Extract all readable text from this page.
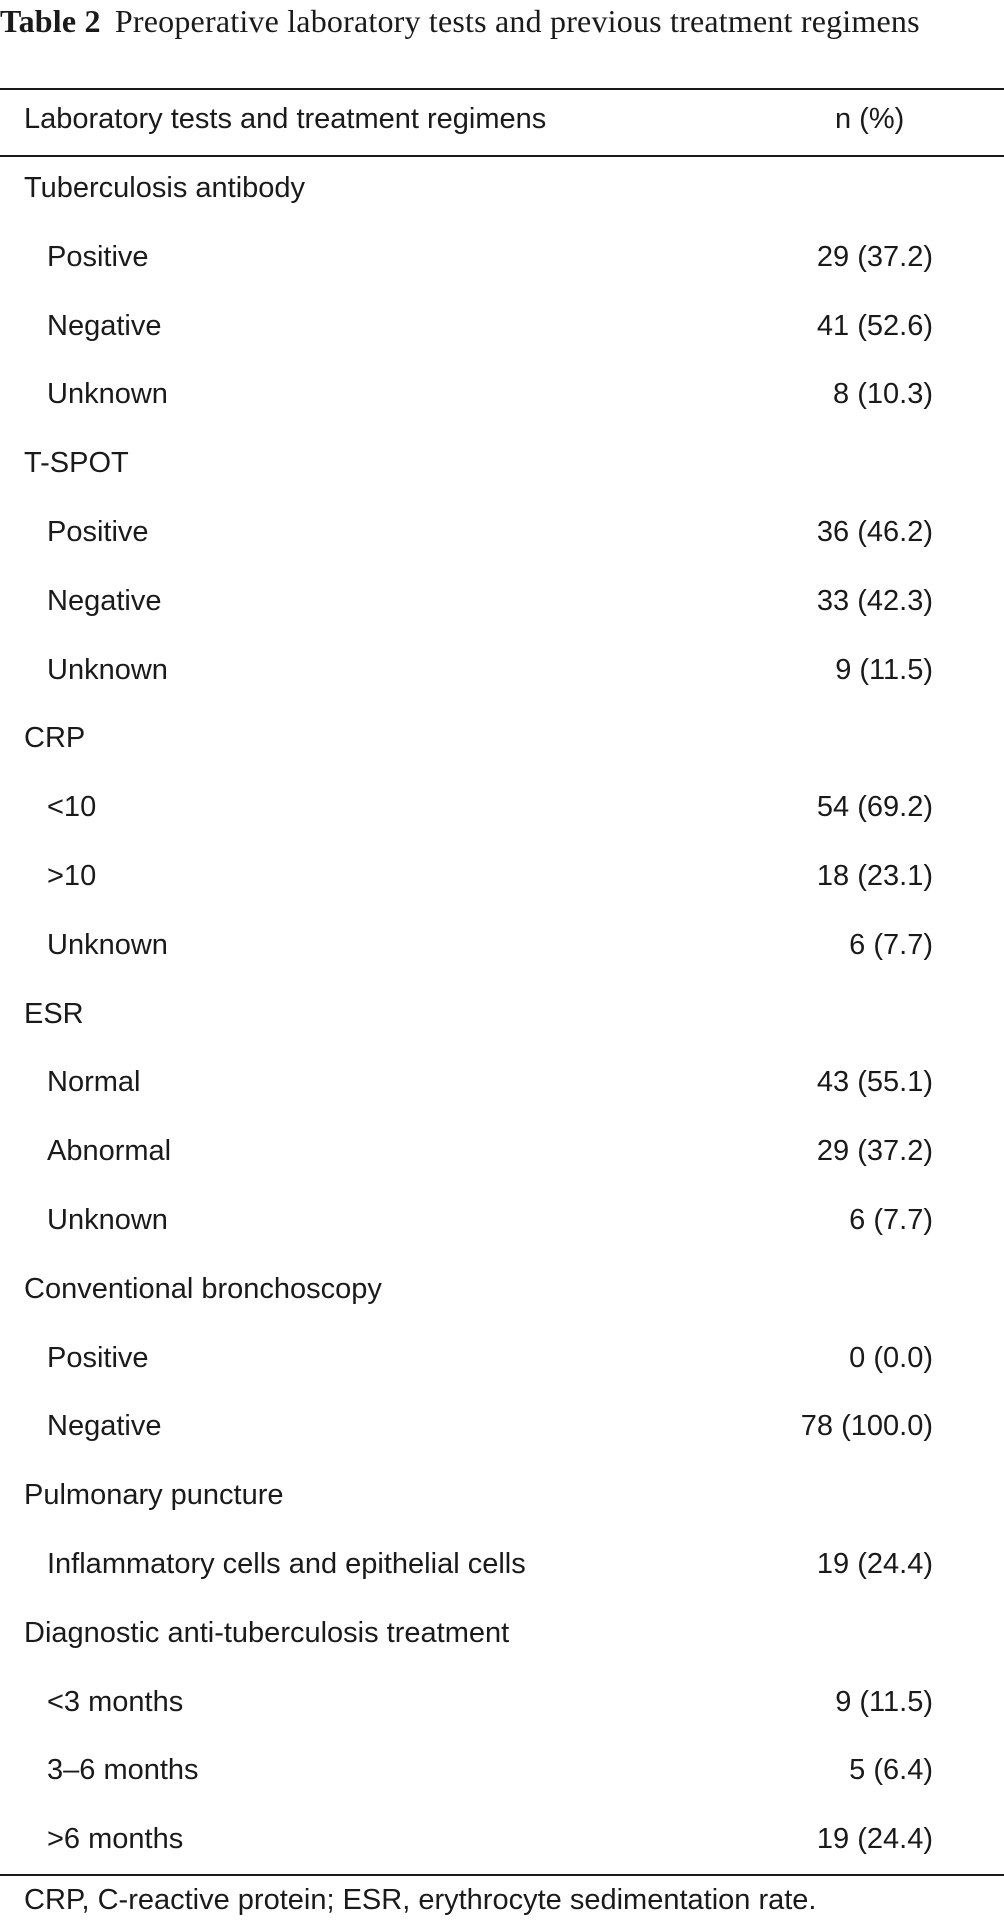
Table 2 Preoperative laboratory tests and previous treatment regimens
Laboratory tests and treatment regimens	n (%)
Tuberculosis antibody
Positive	29 (37.2)
Negative	41 (52.6)
Unknown	8 (10.3)
T-SPOT
Positive	36 (46.2)
Negative	33 (42.3)
Unknown	9 (11.5)
CRP
<10	54 (69.2)
>10	18 (23.1)
Unknown	6 (7.7)
ESR
Normal	43 (55.1)
Abnormal	29 (37.2)
Unknown	6 (7.7)
Conventional bronchoscopy
Positive	0 (0.0)
Negative	78 (100.0)
Pulmonary puncture
Inflammatory cells and epithelial cells	19 (24.4)
Diagnostic anti-tuberculosis treatment
<3 months	9 (11.5)
3–6 months	5 (6.4)
>6 months	19 (24.4)
CRP, C-reactive protein; ESR, erythrocyte sedimentation rate.
